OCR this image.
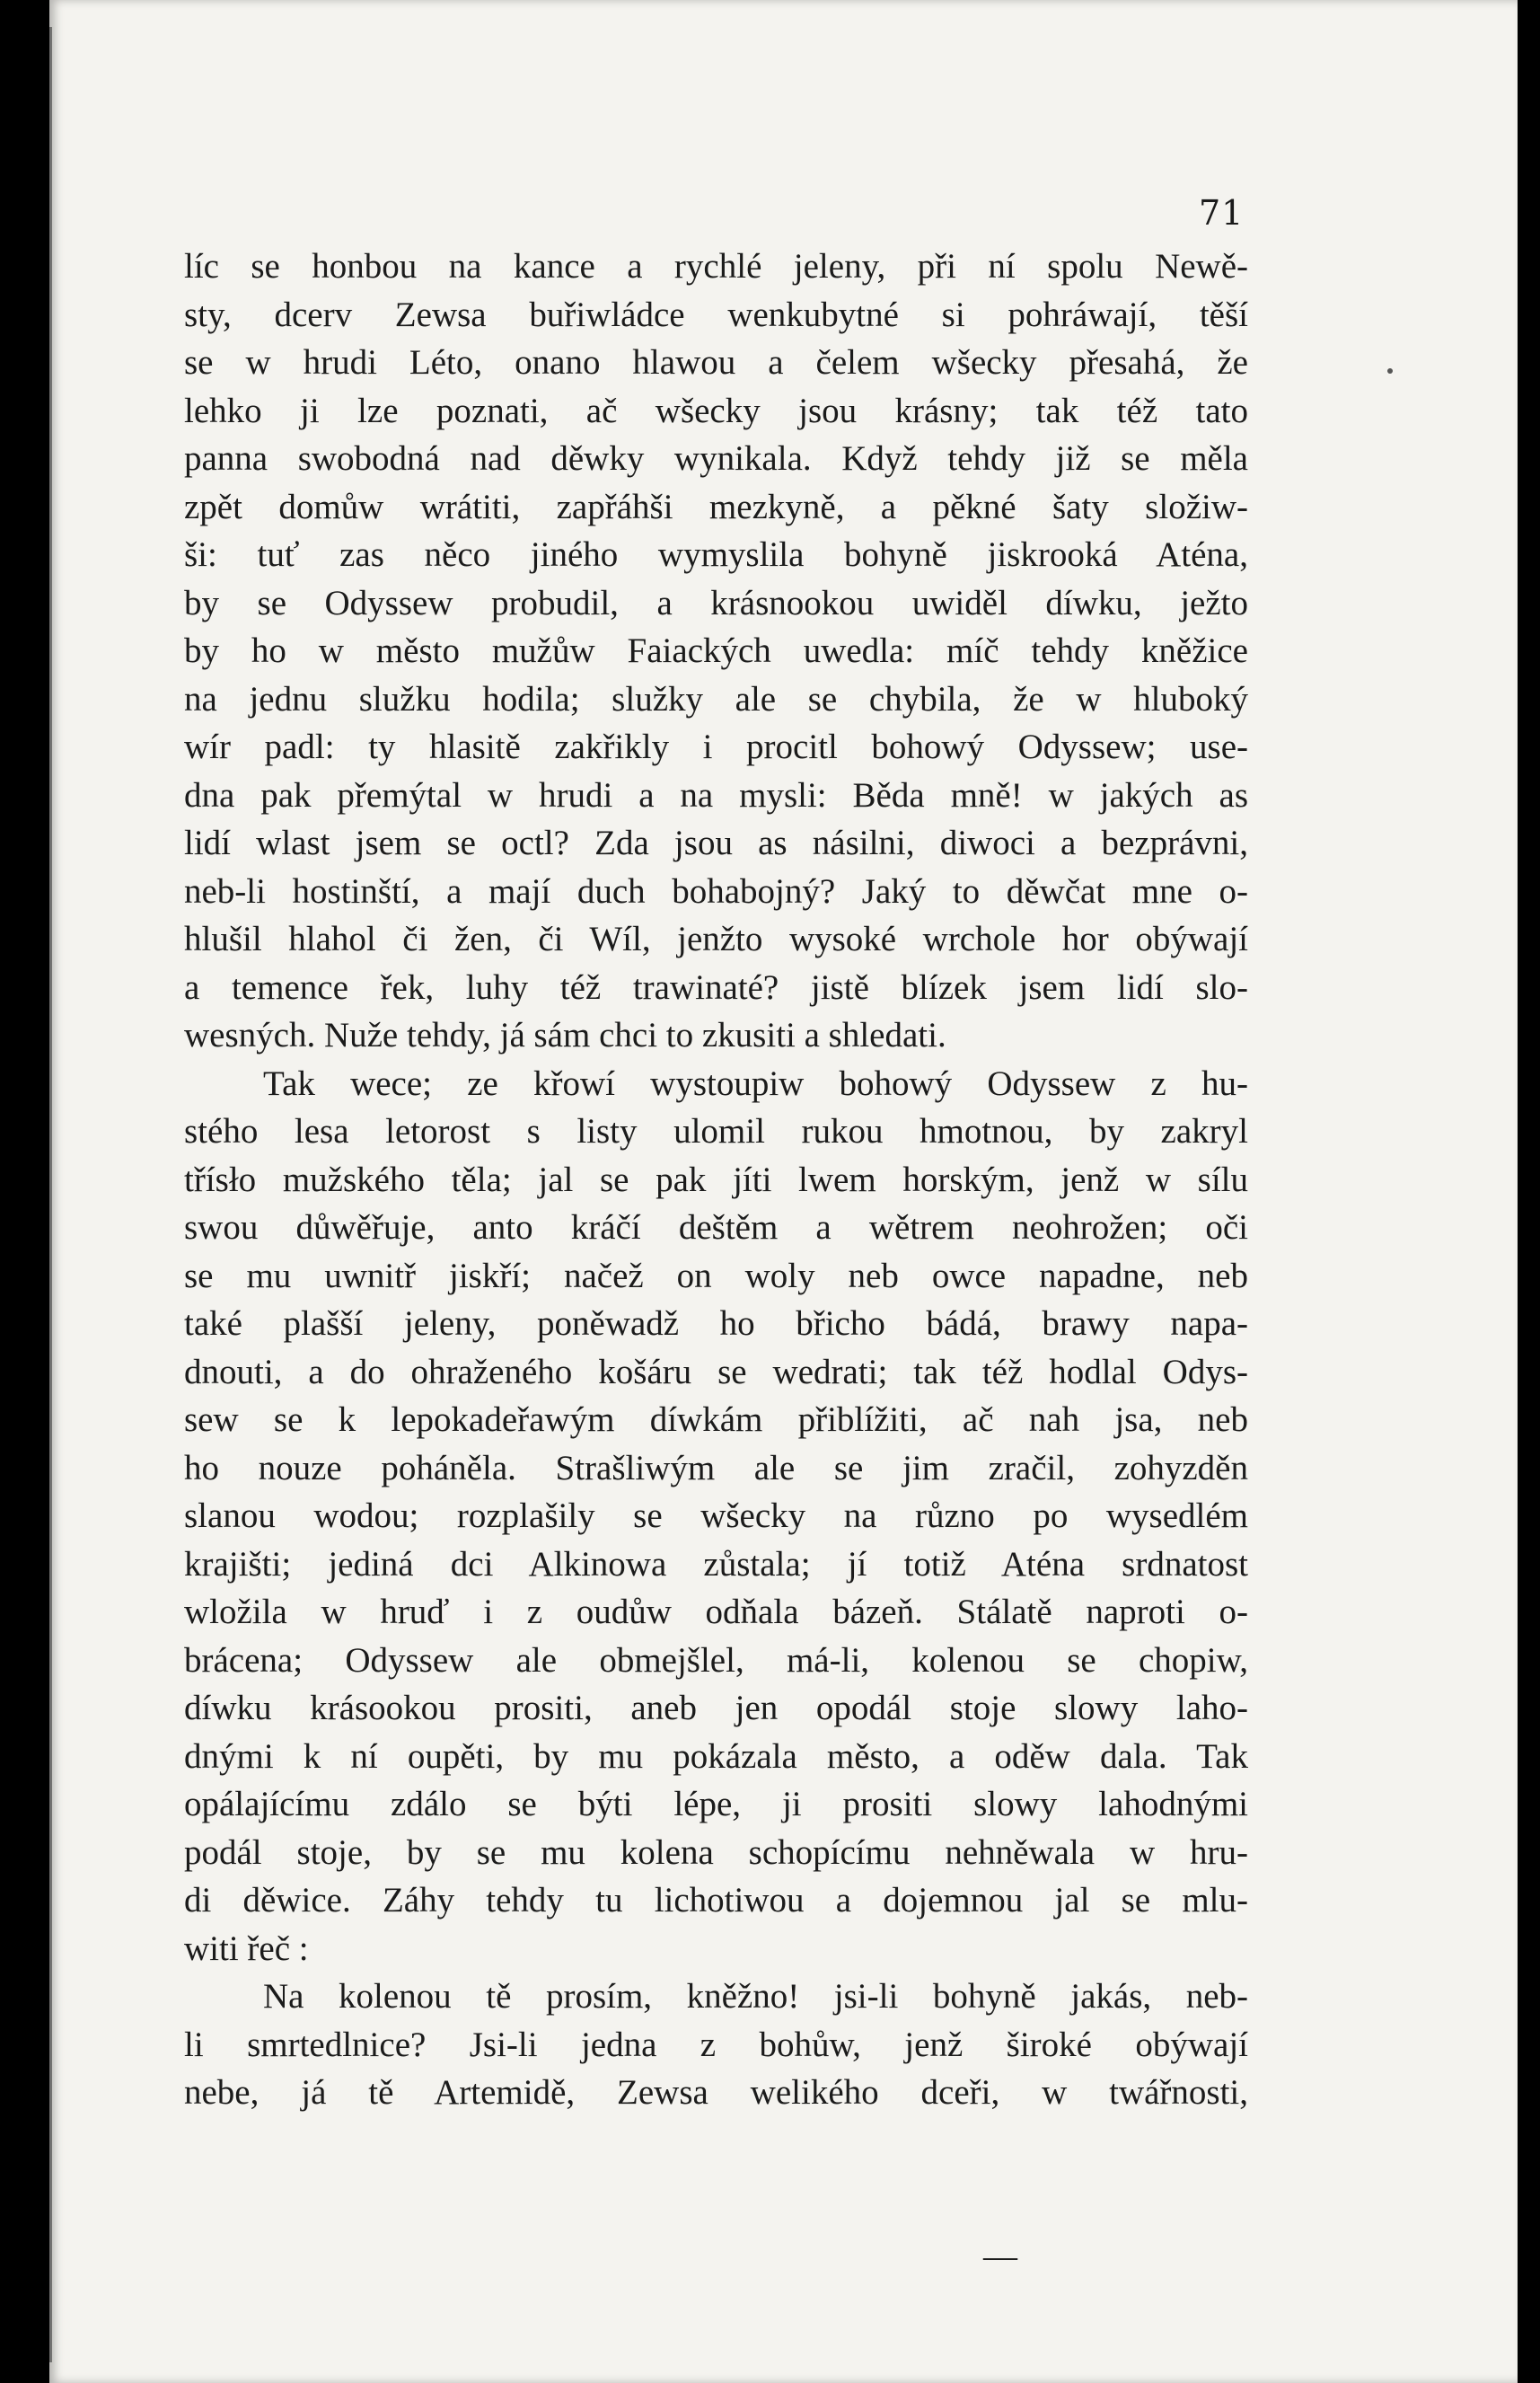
71
líc se honbou na kance a rychlé jeleny, při ní spolu Newě-
sty, dcerv Zewsa buřiwládce wenkubytné si pohráwají, těší
se w hrudi Léto, onano hlawou a čelem wšecky přesahá, že
lehko ji lze poznati, ač wšecky jsou krásny; tak též tato
panna swobodná nad děwky wynikala. Když tehdy již se měla
zpět domůw wrátiti, zapřáhši mezkyně, a pěkné šaty složiw-
ši: tuť zas něco jiného wymyslila bohyně jiskrooká Aténa,
by se Odyssew probudil, a krásnookou uwiděl díwku, ježto
by ho w město mužůw Faiackých uwedla: míč tehdy kněžice
na jednu služku hodila; služky ale se chybila, že w hluboký
wír padl: ty hlasitě zakřikly i procitl bohowý Odyssew; use-
dna pak přemýtal w hrudi a na mysli: Běda mně! w jakých as
lidí wlast jsem se octl? Zda jsou as násilni, diwoci a bezprávni,
neb-li hostinští, a mají duch bohabojný? Jaký to děwčat mne o-
hlušil hlahol či žen, či Wíl, jenžto wysoké wrchole hor obýwají
a temence řek, luhy též trawinaté? jistě blízek jsem lidí slo-
wesných. Nuže tehdy, já sám chci to zkusiti a shledati.
Tak wece; ze křowí wystoupiw bohowý Odyssew z hu-
stého lesa letorost s listy ulomil rukou hmotnou, by zakryl
třísło mužského těla; jal se pak jíti lwem horským, jenž w sílu
swou důwěřuje, anto kráčí deštěm a wětrem neohrožen; oči
se mu uwnitř jiskří; načež on woly neb owce napadne, neb
také plašší jeleny, poněwadž ho břicho bádá, brawy napa-
dnouti, a do ohraženého košáru se wedrati; tak též hodlal Odys-
sew se k lepokadeřawým díwkám přiblížiti, ač nah jsa, neb
ho nouze poháněla. Strašliwým ale se jim zračil, zohyzděn
slanou wodou; rozplašily se wšecky na různo po wysedlém
krajišti; jediná dci Alkinowa zůstala; jí totiž Aténa srdnatost
wložila w hruď i z oudůw odňala bázeň. Stálatě naproti o-
brácena; Odyssew ale obmejšlel, má-li, kolenou se chopiw,
díwku krásookou prositi, aneb jen opodál stoje slowy laho-
dnými k ní oupěti, by mu pokázala město, a oděw dala. Tak
opálajícímu zdálo se býti lépe, ji prositi slowy lahodnými
podál stoje, by se mu kolena schopícímu nehněwala w hru-
di děwice. Záhy tehdy tu lichotiwou a dojemnou jal se mlu-
witi řeč :
Na kolenou tě prosím, kněžno! jsi-li bohyně jakás, neb-
li smrtedlnice? Jsi-li jedna z bohůw, jenž široké obýwají
nebe, já tě Artemidě, Zewsa welikého dceři, w twářnosti,
—
